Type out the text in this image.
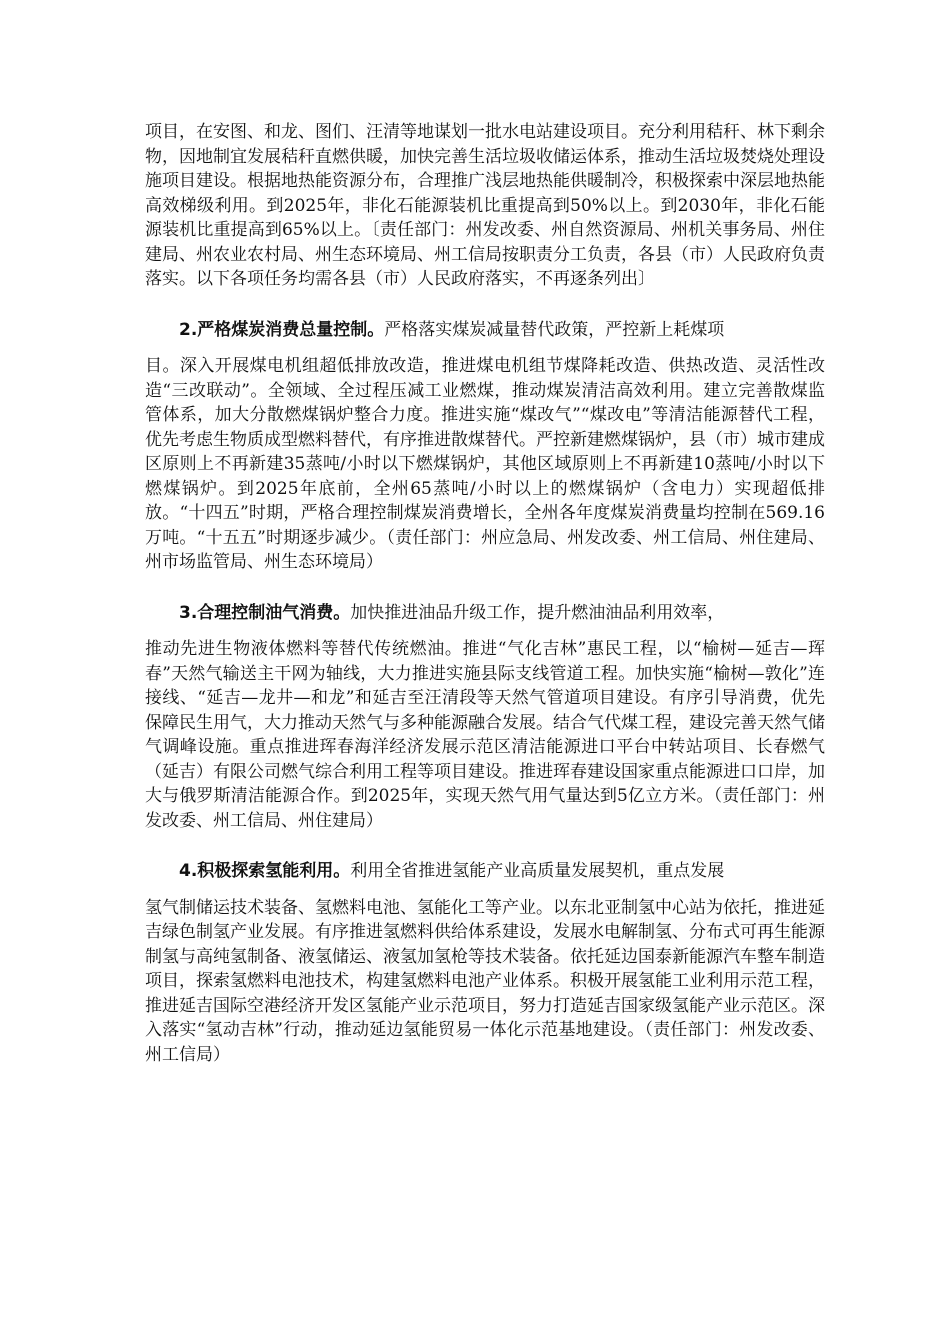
项目，在安图、和龙、图们、汪清等地谋划一批水电站建设项目。充分利用秸秆、林下剩余物，因地制宜发展秸秆直燃供暖，加快完善生活垃圾收储运体系，推动生活垃圾焚烧处理设施项目建设。根据地热能资源分布，合理推广浅层地热能供暖制冷，积极探索中深层地热能高效梯级利用。到2025年，非化石能源装机比重提高到50%以上。到2030年，非化石能源装机比重提高到65%以上。〔责任部门：州发改委、州自然资源局、州机关事务局、州住建局、州农业农村局、州生态环境局、州工信局按职责分工负责，各县（市）人民政府负责落实。以下各项任务均需各县（市）人民政府落实，不再逐条列出〕

2.严格煤炭消费总量控制。严格落实煤炭减量替代政策，严控新上耗煤项

目。深入开展煤电机组超低排放改造，推进煤电机组节煤降耗改造、供热改造、灵活性改造“三改联动”。全领域、全过程压减工业燃煤，推动煤炭清洁高效利用。建立完善散煤监管体系，加大分散燃煤锅炉整合力度。推进实施“煤改气”“煤改电”等清洁能源替代工程，优先考虑生物质成型燃料替代，有序推进散煤替代。严控新建燃煤锅炉，县（市）城市建成区原则上不再新建35蒸吨/小时以下燃煤锅炉，其他区域原则上不再新建10蒸吨/小时以下燃煤锅炉。到2025年底前，全州65蒸吨/小时以上的燃煤锅炉（含电力）实现超低排放。“十四五”时期，严格合理控制煤炭消费增长，全州各年度煤炭消费量均控制在569.16万吨。“十五五”时期逐步减少。（责任部门：州应急局、州发改委、州工信局、州住建局、州市场监管局、州生态环境局）

3.合理控制油气消费。加快推进油品升级工作，提升燃油油品利用效率，

推动先进生物液体燃料等替代传统燃油。推进“气化吉林”惠民工程，以“榆树—延吉—珲春”天然气输送主干网为轴线，大力推进实施县际支线管道工程。加快实施“榆树—敦化”连接线、“延吉—龙井—和龙”和延吉至汪清段等天然气管道项目建设。有序引导消费，优先保障民生用气，大力推动天然气与多种能源融合发展。结合气代煤工程，建设完善天然气储气调峰设施。重点推进珲春海洋经济发展示范区清洁能源进口平台中转站项目、长春燃气（延吉）有限公司燃气综合利用工程等项目建设。推进珲春建设国家重点能源进口口岸，加大与俄罗斯清洁能源合作。到2025年，实现天然气用气量达到5亿立方米。（责任部门：州发改委、州工信局、州住建局）

4.积极探索氢能利用。利用全省推进氢能产业高质量发展契机，重点发展

氢气制储运技术装备、氢燃料电池、氢能化工等产业。以东北亚制氢中心站为依托，推进延吉绿色制氢产业发展。有序推进氢燃料供给体系建设，发展水电解制氢、分布式可再生能源制氢与高纯氢制备、液氢储运、液氢加氢枪等技术装备。依托延边国泰新能源汽车整车制造项目，探索氢燃料电池技术，构建氢燃料电池产业体系。积极开展氢能工业利用示范工程，推进延吉国际空港经济开发区氢能产业示范项目，努力打造延吉国家级氢能产业示范区。深入落实“氢动吉林”行动，推动延边氢能贸易一体化示范基地建设。（责任部门：州发改委、州工信局）
